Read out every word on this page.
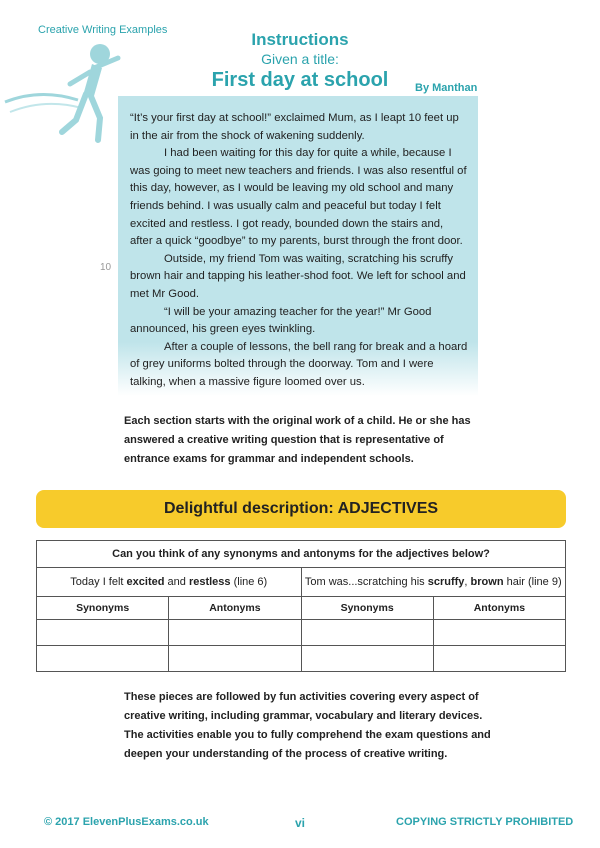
Creative Writing Examples	Instructions
Given a title:
First day at school	By Manthan
10

“It’s your first day at school!” exclaimed Mum, as I leapt 10 feet up in the air from the shock of wakening suddenly.

I had been waiting for this day for quite a while, because I was going to meet new teachers and friends. I was also resentful of this day, however, as I would be leaving my old school and many friends behind. I was usually calm and peaceful but today I felt excited and restless. I got ready, bounded down the stairs and, after a quick “goodbye” to my parents, burst through the front door.

Outside, my friend Tom was waiting, scratching his scruffy brown hair and tapping his leather-shod foot. We left for school and met Mr Good.

“I will be your amazing teacher for the year!” Mr Good announced, his green eyes twinkling.

After a couple of lessons, the bell rang for break and a hoard of grey uniforms bolted through the doorway. Tom and I were talking, when a massive figure loomed over us.

Each section starts with the original work of a child. He or she has answered a creative writing question that is representative of entrance exams for grammar and independent schools.
Delightful description: ADJECTIVES
Can you think of any synonyms and antonyms for the adjectives below?			
Today I felt excited and restless (line 6)		Tom was...scratching his scruffy, brown hair (line 9)	
Synonyms	Antonyms	Synonyms	Antonyms

These pieces are followed by fun activities covering every aspect of creative writing, including grammar, vocabulary and literary devices. The activities enable you to fully comprehend the exam questions and deepen your understanding of the process of creative writing.
© 2017 ElevenPlusExams.co.uk	vi	COPYING STRICTLY PROHIBITED
